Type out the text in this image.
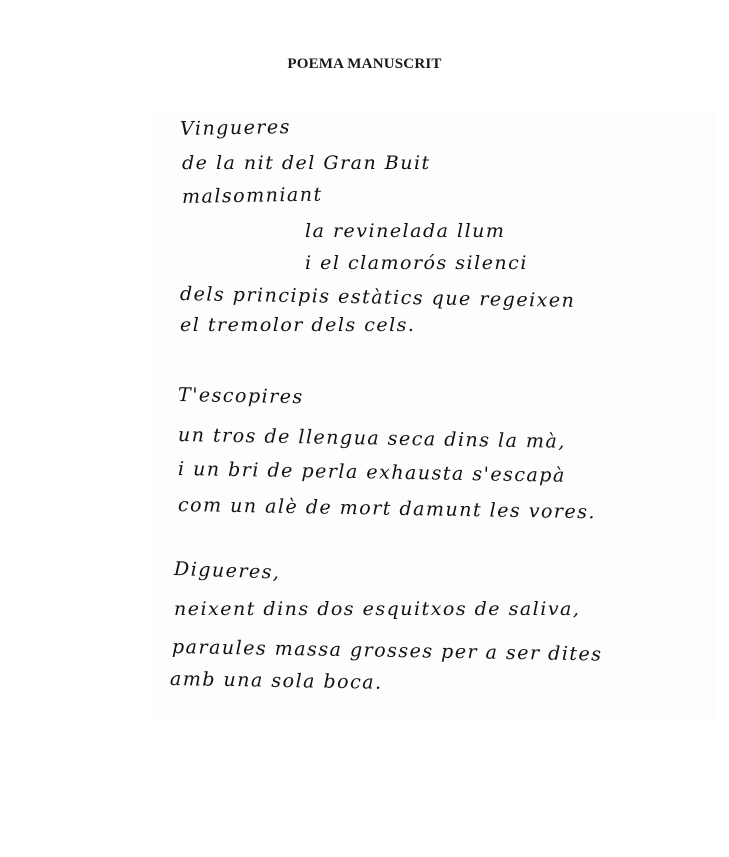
POEMA MANUSCRIT
Vingueres
de la nit del Gran Buit
malsomniant
la revinelada llum
i el clamorós silenci
dels principis estàtics que regeixen
el tremolor dels cels.
T'escopires
un tros de llengua seca dins la mà,
i un bri de perla exhausta s'escapà
com un alè de mort damunt les vores.
Digueres,
neixent dins dos esquitxos de saliva,
paraules massa grosses per a ser dites
amb una sola boca.
